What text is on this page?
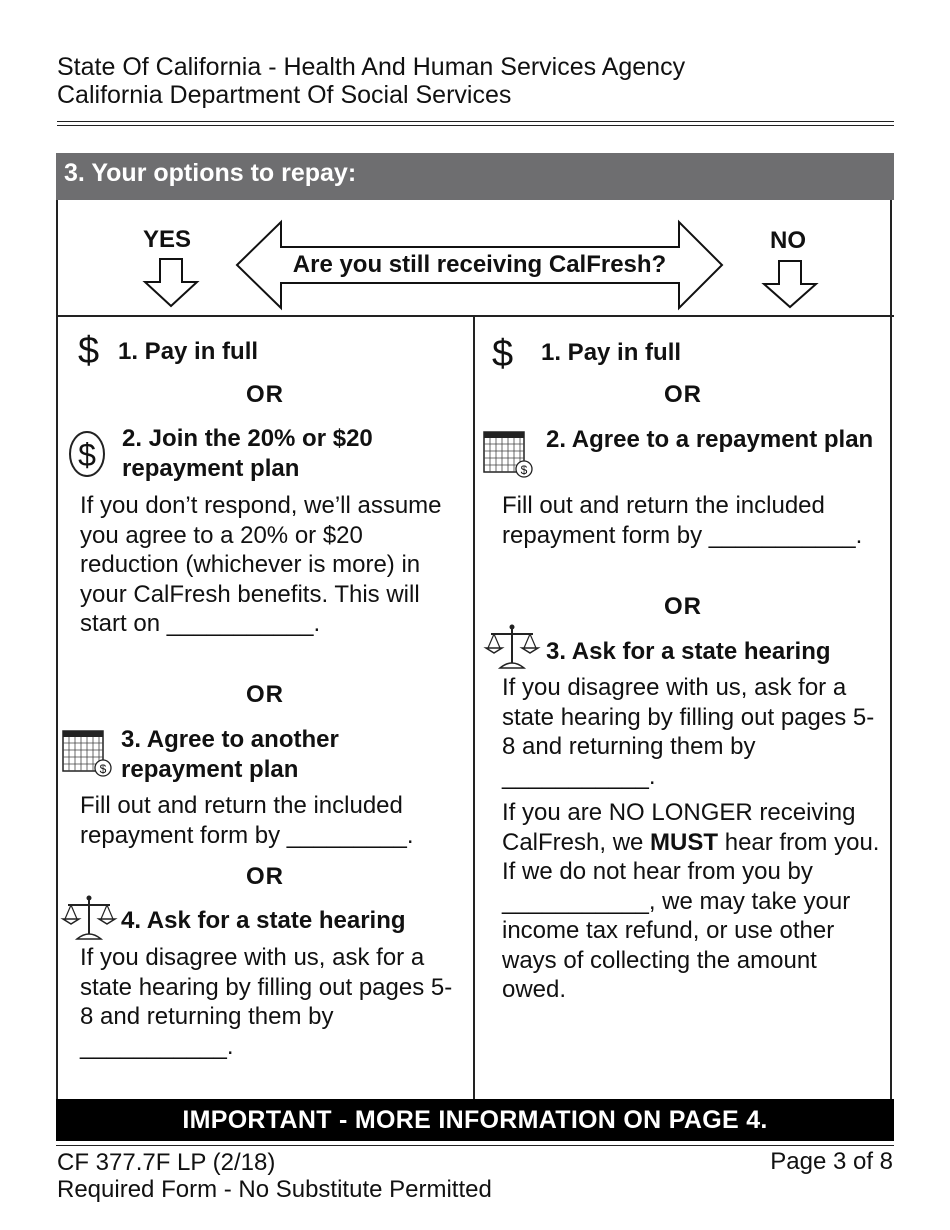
State Of California - Health And Human Services Agency
California Department Of Social Services
3. Your options to repay:
YES	NO
Are you still receiving CalFresh?
$
$ 1. Pay in full
OR
$ 2. Join the 20% or $20 repayment plan
If you don’t respond, we’ll assume you agree to a 20% or $20 reduction (whichever is more) in your CalFresh benefits. This will start on ___________.
OR
3. Agree to another repayment plan
Fill out and return the included repayment form by _________.
OR
4. Ask for a state hearing
If you disagree with us, ask for a state hearing by filling out pages 5-8 and returning them by ___________.
$ 1. Pay in full
OR
2. Agree to a repayment plan
Fill out and return the included repayment form by ___________.
OR
3. Ask for a state hearing
If you disagree with us, ask for a state hearing by filling out pages 5-8 and returning them by ___________.
If you are NO LONGER receiving CalFresh, we MUST hear from you. If we do not hear from you by ___________, we may take your income tax refund, or use other ways of collecting the amount owed.
IMPORTANT - MORE INFORMATION ON PAGE 4.
CF 377.7F LP (2/18)	Page 3 of 8
Required Form - No Substitute Permitted
